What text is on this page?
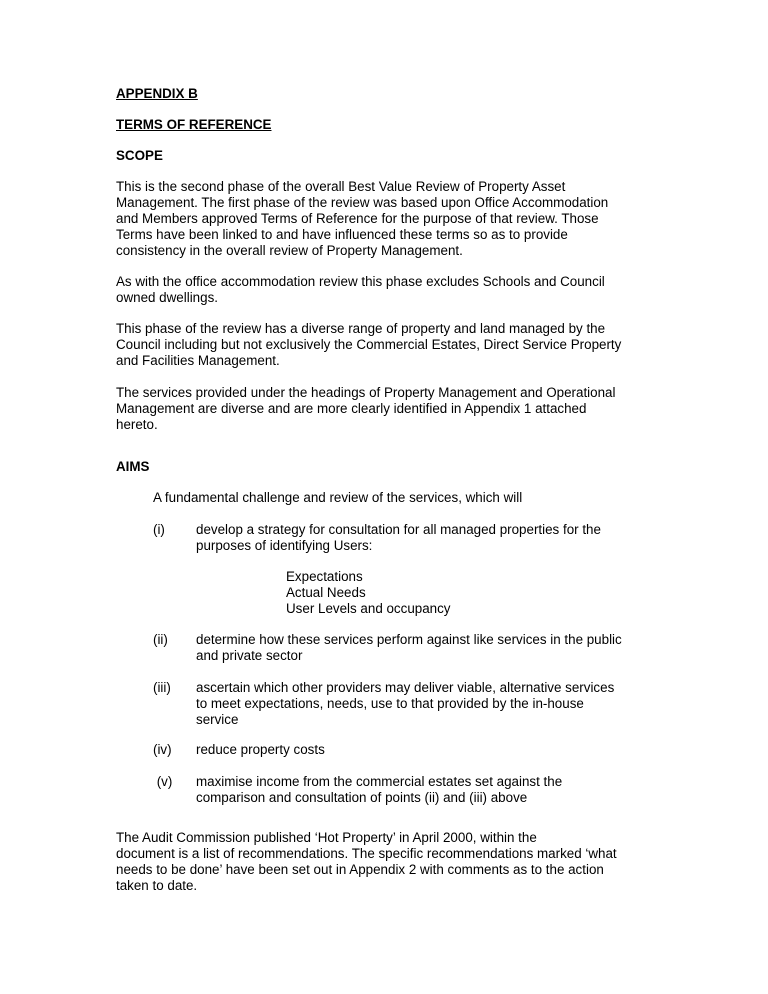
APPENDIX B

TERMS OF REFERENCE

SCOPE

This is the second phase of the overall Best Value Review of Property Asset
Management. The first phase of the review was based upon Office Accommodation
and Members approved Terms of Reference for the purpose of that review. Those
Terms have been linked to and have influenced these terms so as to provide
consistency in the overall review of Property Management.

As with the office accommodation review this phase excludes Schools and Council
owned dwellings.

This phase of the review has a diverse range of property and land managed by the
Council including but not exclusively the Commercial Estates, Direct Service Property
and Facilities Management.

The services provided under the headings of Property Management and Operational
Management are diverse and are more clearly identified in Appendix 1 attached
hereto.

AIMS

A fundamental challenge and review of the services, which will

(i) develop a strategy for consultation for all managed properties for the
purposes of identifying Users:
Expectations
Actual Needs
User Levels and occupancy
(ii) determine how these services perform against like services in the public
and private sector
(iii) ascertain which other providers may deliver viable, alternative services
to meet expectations, needs, use to that provided by the in-house
service
(iv) reduce property costs
(v) maximise income from the commercial estates set against the
comparison and consultation of points (ii) and (iii) above

The Audit Commission published ‘Hot Property’ in April 2000, within the
document is a list of recommendations. The specific recommendations marked ‘what
needs to be done’ have been set out in Appendix 2 with comments as to the action
taken to date.
